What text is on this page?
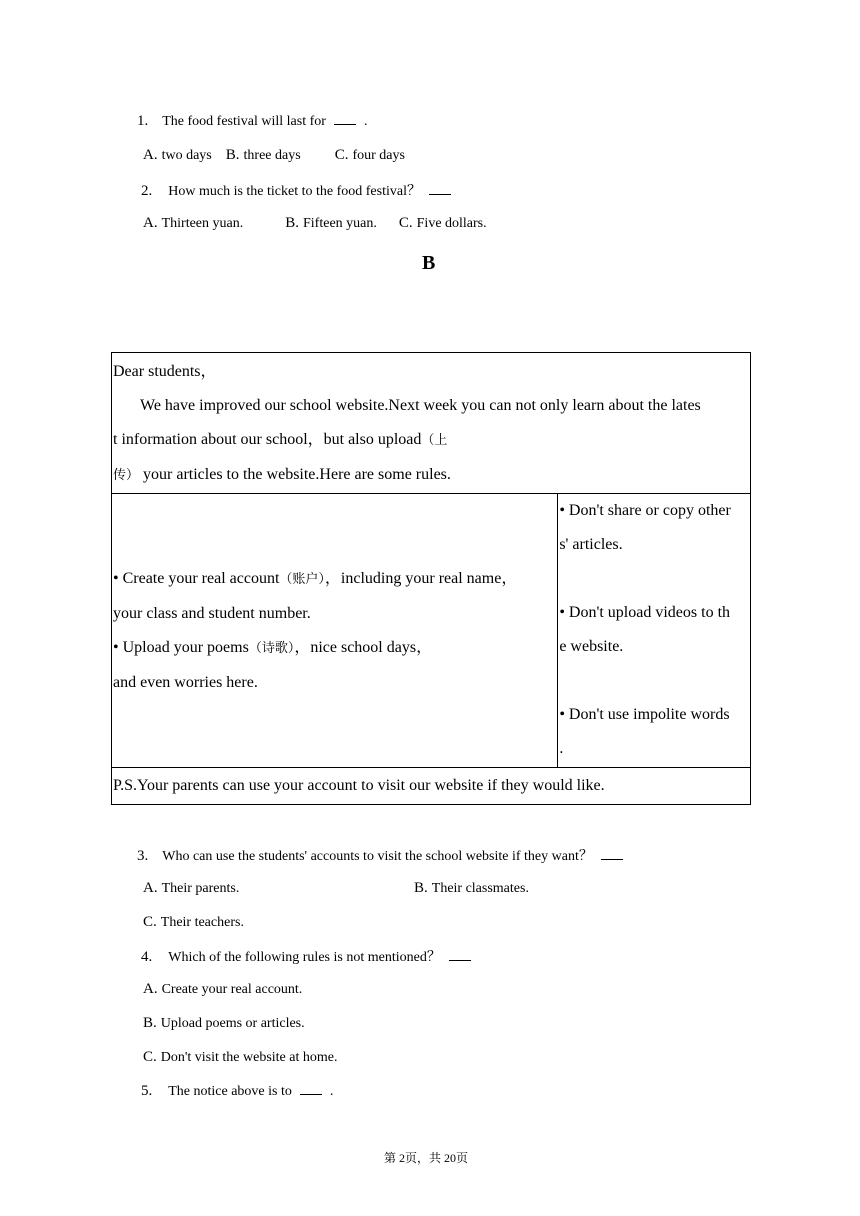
1. The food festival will last for	.
A. two days B. three days C. four days
2. How much is the ticket to the food festival？
A. Thirteen yuan.	B. Fifteen yuan. C. Five dollars.
B
Dear students，
We have improved our school website.Next week you can not only learn about the lates
t information about our school，but also upload（上
传） your articles to the website.Here are some rules.

• Create your real account（账户），including your real name，
your class and student number.
• Upload your poems（诗歌），nice school days，
and even worries here.

• Don't share or copy other
s' articles.
• Don't upload videos to th
e website.
• Don't use impolite words
.

P.S.Your parents can use your account to visit our website if they would like.
3. Who can use the students' accounts to visit the school website if they want？
A. Their parents.	B. Their classmates.
C. Their teachers.
4. Which of the following rules is not mentioned？
A. Create your real account.
B. Upload poems or articles.
C. Don't visit the website at home.
5. The notice above is to	.
第 2页，共 20页
